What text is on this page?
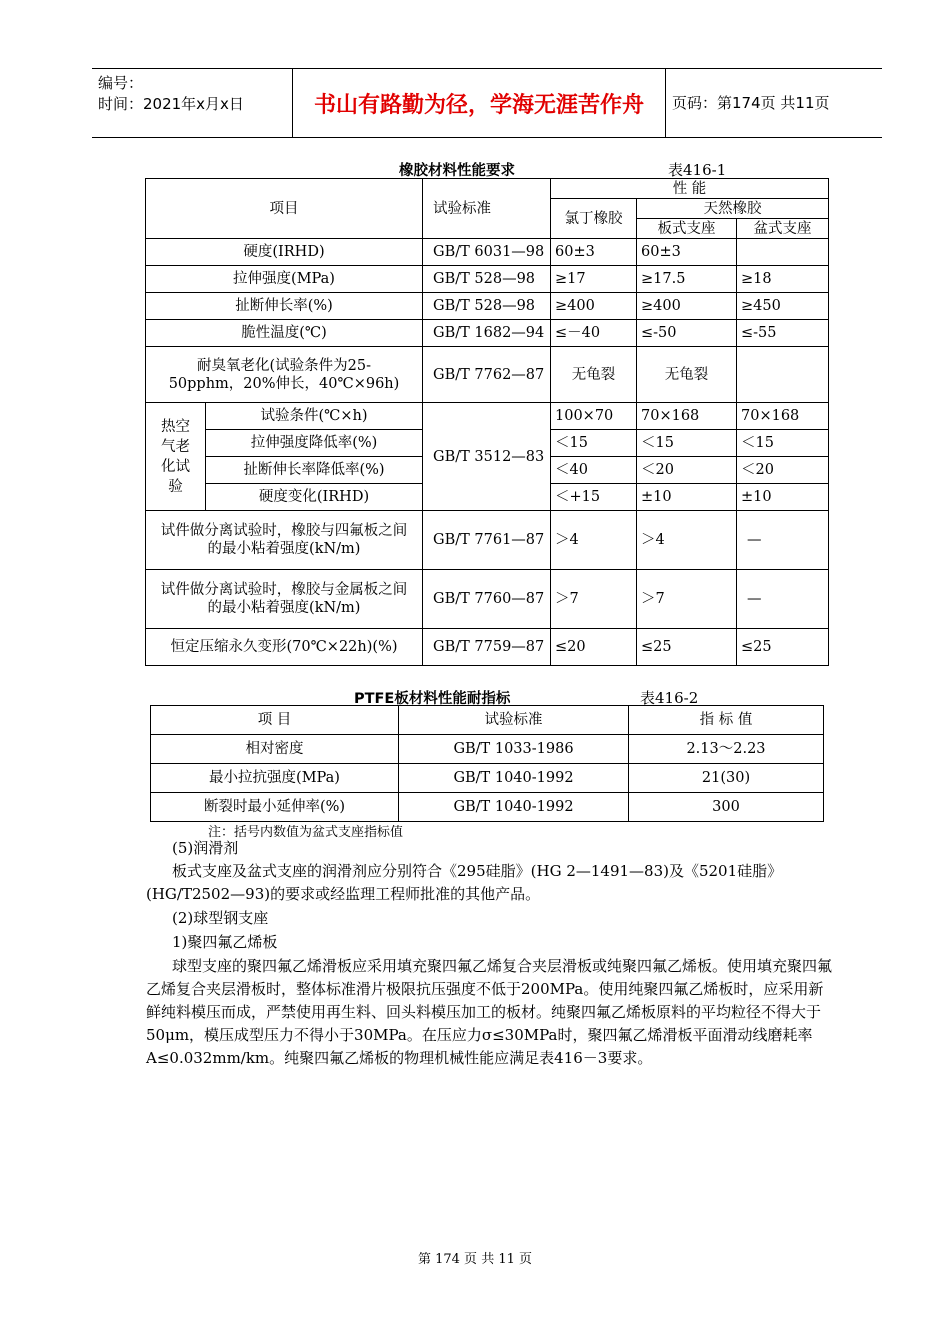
编号：
时间：2021年x月x日	书山有路勤为径，学海无涯苦作舟	页码：第174页 共11页
橡胶材料性能要求	表416-1
项目		试验标准	性 能		
			氯丁橡胶	天然橡胶	
				板式支座	盆式支座
硬度(IRHD)		GB/T 6031—98	60±3	60±3	
拉伸强度(MPa)		GB/T 528—98	≥17	≥17.5	≥18
扯断伸长率(%)		GB/T 528—98	≥400	≥400	≥450
脆性温度(℃)		GB/T 1682—94	≤－40	≤-50	≤-55
耐臭氧老化(试验条件为25-50pphm，20%伸长，40℃×96h)		GB/T 7762—87	无龟裂	无龟裂	
热空气老化试验	试验条件(℃×h)	GB/T 3512—83	100×70	70×168	70×168
	拉伸强度降低率(%)		＜15	＜15	＜15
	扯断伸长率降低率(%)		＜40	＜20	＜20
	硬度变化(IRHD)		＜+15	±10	±10
试件做分离试验时，橡胶与四氟板之间的最小粘着强度(kN/m)		GB/T 7761—87	＞4	＞4	—
试件做分离试验时，橡胶与金属板之间的最小粘着强度(kN/m)		GB/T 7760—87	＞7	＞7	—
恒定压缩永久变形(70℃×22h)(%)		GB/T 7759—87	≤20	≤25	≤25
PTFE板材料性能耐指标	表416-2
项 目	试验标准	指 标 值
相对密度	GB/T 1033-1986	2.13～2.23
最小拉抗强度(MPa)	GB/T 1040-1992	21(30)
断裂时最小延伸率(%)	GB/T 1040-1992	300
注：括号内数值为盆式支座指标值
(5)润滑剂
板式支座及盆式支座的润滑剂应分别符合《295硅脂》(HG 2—1491—83)及《5201硅脂》(HG/T2502—93)的要求或经监理工程师批准的其他产品。
(2)球型钢支座
1)聚四氟乙烯板
球型支座的聚四氟乙烯滑板应采用填充聚四氟乙烯复合夹层滑板或纯聚四氟乙烯板。使用填充聚四氟乙烯复合夹层滑板时，整体标准滑片极限抗压强度不低于200MPa。使用纯聚四氟乙烯板时，应采用新鲜纯料模压而成，严禁使用再生料、回头料模压加工的板材。纯聚四氟乙烯板原料的平均粒径不得大于50μm，模压成型压力不得小于30MPa。在压应力σ≤30MPa时，聚四氟乙烯滑板平面滑动线磨耗率A≤0.032mm/km。纯聚四氟乙烯板的物理机械性能应满足表416－3要求。
第 174 页 共 11 页
